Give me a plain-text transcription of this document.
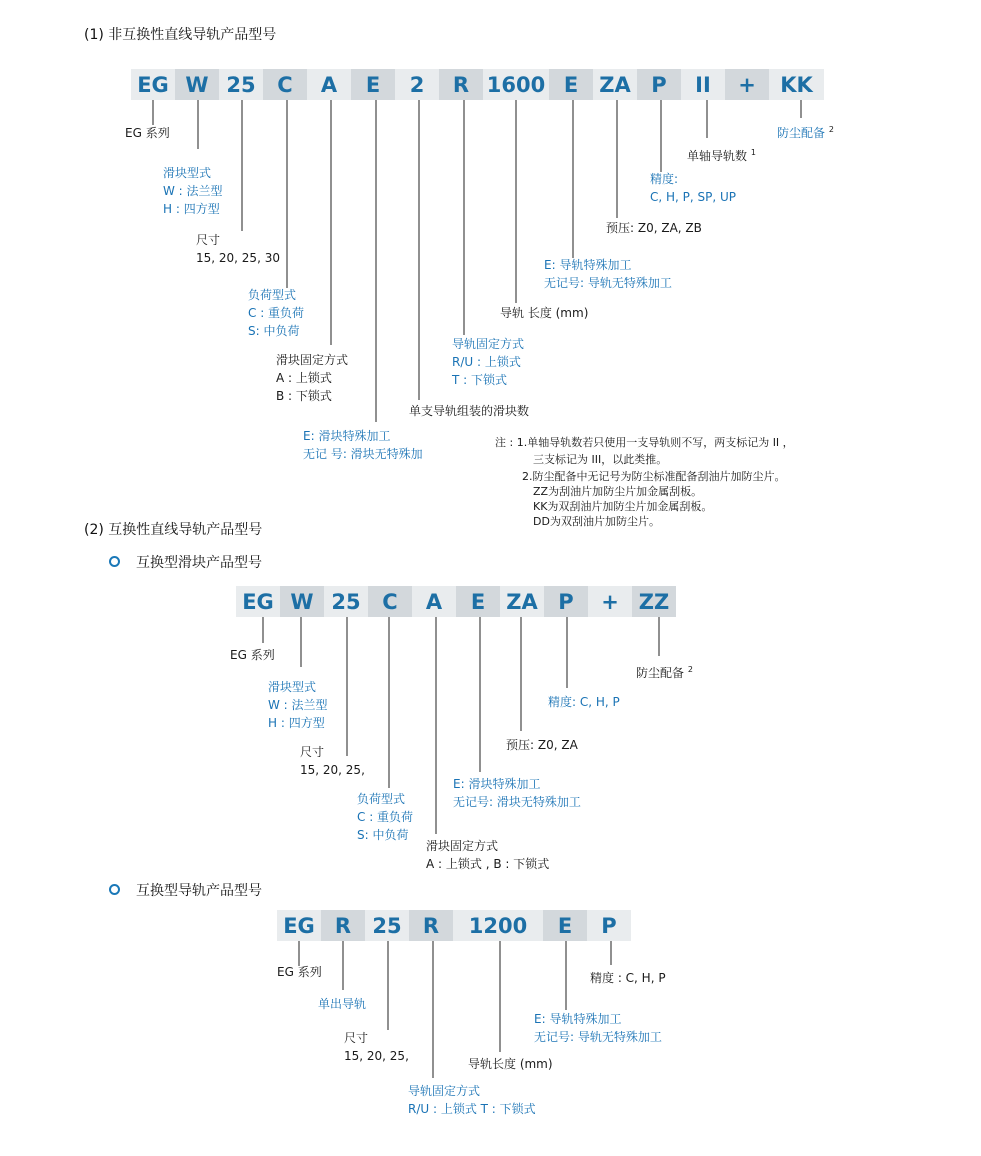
(1) 非互换性直线导轨产品型号
EG W 25	C	A	E	2	R 1600 E	ZA P	II	+	KK
EG 系列
滑块型式
W : 法兰型
H : 四方型
尺寸
15, 20, 25, 30
负荷型式
C : 重负荷
S: 中负荷
滑块固定方式
A : 上锁式
B : 下锁式
E: 滑块特殊加工
无记 号: 滑块无特殊加
单支导轨组装的滑块数
导轨固定方式
R/U : 上锁式
T : 下锁式
导轨 长度 (mm)
E: 导轨特殊加工
无记号: 导轨无特殊加工
预压: Z0, ZA, ZB
精度:
C, H, P, SP, UP
单轴导轨数 $^1$
防尘配备 $^2$
注 : 1.单轴导轨数若只使用一支导轨则不写，两支标记为 II ，
三支标记为 III，以此类推。
2.防尘配备中无记号为防尘标准配备刮油片加防尘片。
ZZ为刮油片加防尘片加金属刮板。
KK为双刮油片加防尘片加金属刮板。
DD为双刮油片加防尘片。
(2) 互换性直线导轨产品型号
互换型滑块产品型号
EG W 25	C	A	E	ZA P	+ ZZ
EG 系列
滑块型式
W : 法兰型
H : 四方型
尺寸
15, 20, 25,
负荷型式
C : 重负荷
S: 中负荷
滑块固定方式
A : 上锁式 , B : 下锁式
E: 滑块特殊加工
无记号: 滑块无特殊加工
预压: Z0, ZA
精度: C, H, P
防尘配备 $^2$
互换型导轨产品型号
EG R	25	R	1200	E	P
EG 系列
单出导轨
尺寸
15, 20, 25,
导轨固定方式
R/U : 上锁式 T : 下锁式
导轨长度 (mm)
E: 导轨特殊加工
无记号: 导轨无特殊加工
精度 : C, H, P
